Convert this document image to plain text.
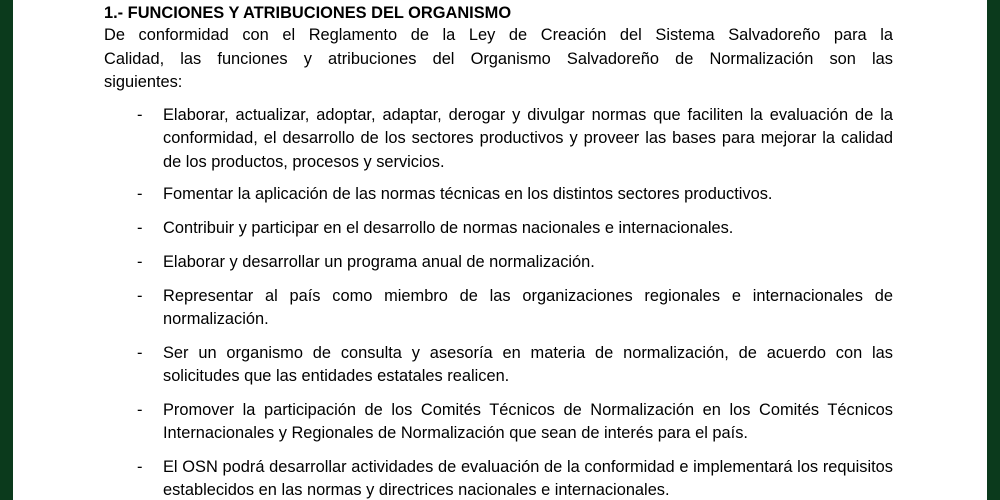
1.- FUNCIONES Y ATRIBUCIONES DEL ORGANISMO
De conformidad con el Reglamento de la Ley de Creación del Sistema Salvadoreño para la
Calidad, las funciones y atribuciones del Organismo Salvadoreño de Normalización son las
siguientes:
- Elaborar, actualizar, adoptar, adaptar, derogar y divulgar normas que faciliten la evaluación de la conformidad, el desarrollo de los sectores productivos y proveer las bases para mejorar la calidad de los productos, procesos y servicios.
- Fomentar la aplicación de las normas técnicas en los distintos sectores productivos.
- Contribuir y participar en el desarrollo de normas nacionales e internacionales.
- Elaborar y desarrollar un programa anual de normalización.
- Representar al país como miembro de las organizaciones regionales e internacionales de normalización.
- Ser un organismo de consulta y asesoría en materia de normalización, de acuerdo con las solicitudes que las entidades estatales realicen.
- Promover la participación de los Comités Técnicos de Normalización en los Comités Técnicos Internacionales y Regionales de Normalización que sean de interés para el país.
- El OSN podrá desarrollar actividades de evaluación de la conformidad e implementará los requisitos establecidos en las normas y directrices nacionales e internacionales.
